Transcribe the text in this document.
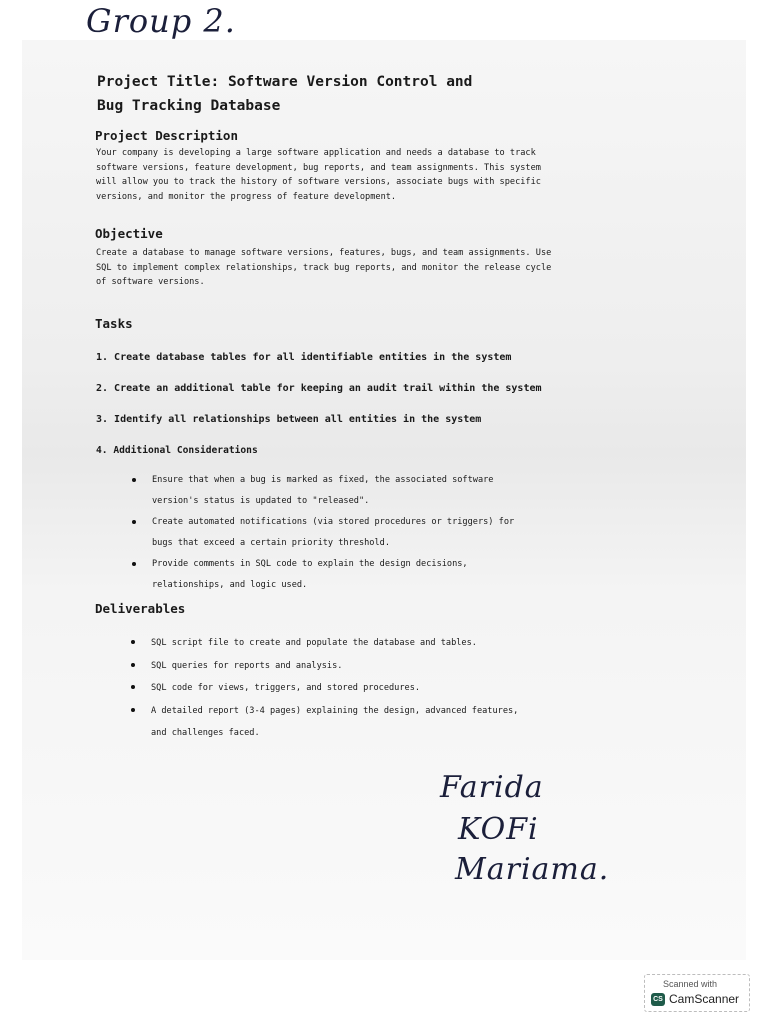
Group 2.
Project Title: Software Version Control and
Bug Tracking Database
Project Description

Your company is developing a large software application and needs a database to track
software versions, feature development, bug reports, and team assignments. This system
will allow you to track the history of software versions, associate bugs with specific
versions, and monitor the progress of feature development.

Objective

Create a database to manage software versions, features, bugs, and team assignments. Use
SQL to implement complex relationships, track bug reports, and monitor the release cycle
of software versions.

Tasks

1. Create database tables for all identifiable entities in the system

2. Create an additional table for keeping an audit trail within the system

3. Identify all relationships between all entities in the system

4. Additional Considerations

Ensure that when a bug is marked as fixed, the associated software
version's status is updated to "released".
Create automated notifications (via stored procedures or triggers) for
bugs that exceed a certain priority threshold.
Provide comments in SQL code to explain the design decisions,
relationships, and logic used.
Deliverables
SQL script file to create and populate the database and tables.
SQL queries for reports and analysis.
SQL code for views, triggers, and stored procedures.
A detailed report (3-4 pages) explaining the design, advanced features,
and challenges faced.
Farida
KOFi
Mariama.
Scanned with
CS CamScanner
